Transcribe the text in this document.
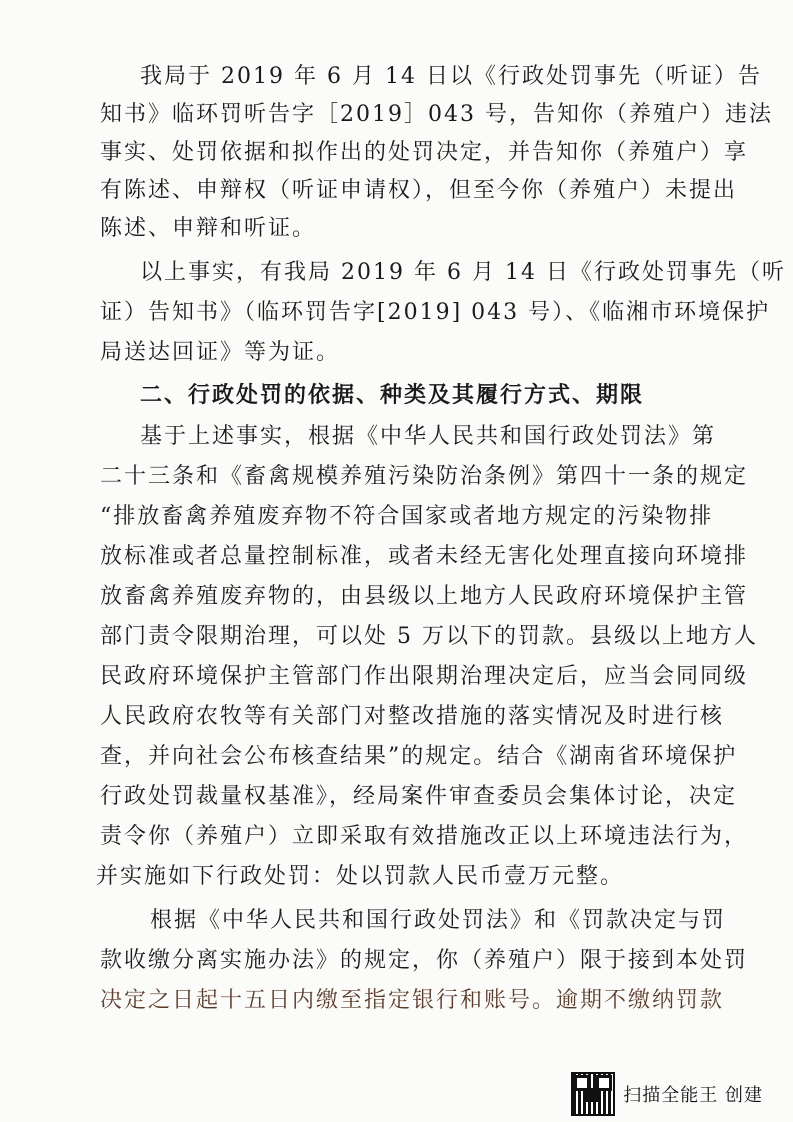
我局于 2019 年 6 月 14 日以《行政处罚事先（听证）告
知书》临环罚听告字［2019］043 号，告知你（养殖户）违法
事实、处罚依据和拟作出的处罚决定，并告知你（养殖户）享
有陈述、申辩权（听证申请权），但至今你（养殖户）未提出
陈述、申辩和听证。
以上事实，有我局 2019 年 6 月 14 日《行政处罚事先（听
证）告知书》（临环罚告字[2019] 043 号）、《临湘市环境保护
局送达回证》等为证。
二、行政处罚的依据、种类及其履行方式、期限
基于上述事实，根据《中华人民共和国行政处罚法》第
二十三条和《畜禽规模养殖污染防治条例》第四十一条的规定
“排放畜禽养殖废弃物不符合国家或者地方规定的污染物排
放标准或者总量控制标准，或者未经无害化处理直接向环境排
放畜禽养殖废弃物的，由县级以上地方人民政府环境保护主管
部门责令限期治理，可以处 5 万以下的罚款。县级以上地方人
民政府环境保护主管部门作出限期治理决定后，应当会同同级
人民政府农牧等有关部门对整改措施的落实情况及时进行核
查，并向社会公布核查结果”的规定。结合《湖南省环境保护
行政处罚裁量权基准》，经局案件审查委员会集体讨论，决定
责令你（养殖户）立即采取有效措施改正以上环境违法行为，
并实施如下行政处罚：处以罚款人民币壹万元整。
根据《中华人民共和国行政处罚法》和《罚款决定与罚
款收缴分离实施办法》的规定，你（养殖户）限于接到本处罚
决定之日起十五日内缴至指定银行和账号。逾期不缴纳罚款
扫描全能王 创建
